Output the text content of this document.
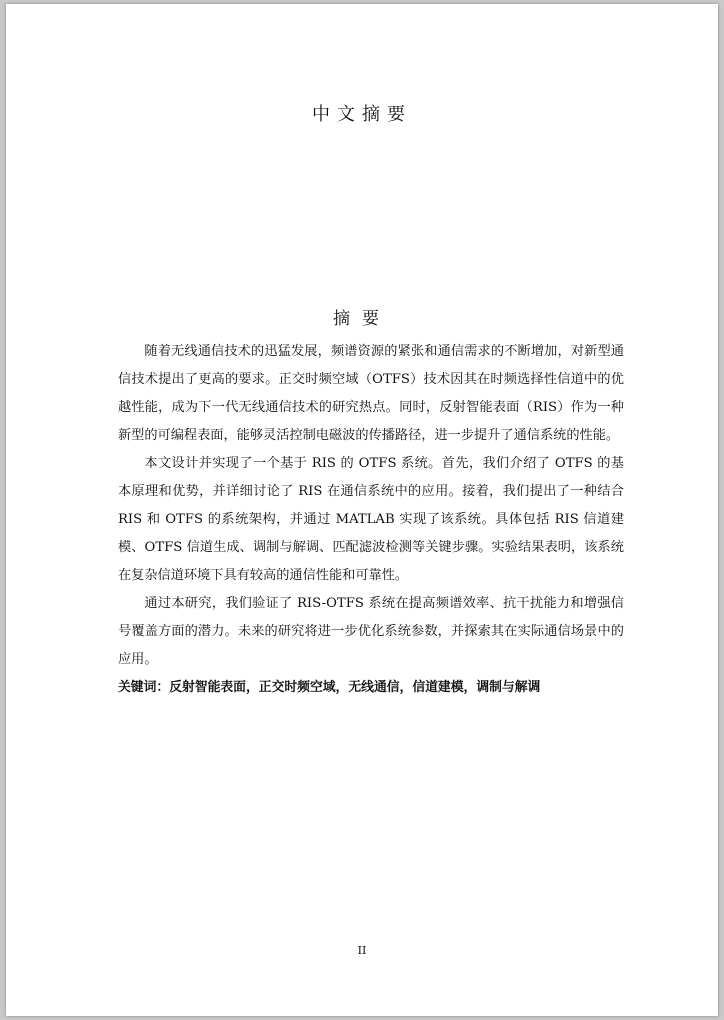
中文摘要
摘要

随着无线通信技术的迅猛发展，频谱资源的紧张和通信需求的不断增加，对新型通信技术提出了更高的要求。正交时频空域（OTFS）技术因其在时频选择性信道中的优越性能，成为下一代无线通信技术的研究热点。同时，反射智能表面（RIS）作为一种新型的可编程表面，能够灵活控制电磁波的传播路径，进一步提升了通信系统的性能。

本文设计并实现了一个基于 RIS 的 OTFS 系统。首先，我们介绍了 OTFS 的基本原理和优势，并详细讨论了 RIS 在通信系统中的应用。接着，我们提出了一种结合 RIS 和 OTFS 的系统架构，并通过 MATLAB 实现了该系统。具体包括 RIS 信道建模、OTFS 信道生成、调制与解调、匹配滤波检测等关键步骤。实验结果表明，该系统在复杂信道环境下具有较高的通信性能和可靠性。

通过本研究，我们验证了 RIS-OTFS 系统在提高频谱效率、抗干扰能力和增强信号覆盖方面的潜力。未来的研究将进一步优化系统参数，并探索其在实际通信场景中的应用。

关键词：反射智能表面，正交时频空域，无线通信，信道建模，调制与解调

II
